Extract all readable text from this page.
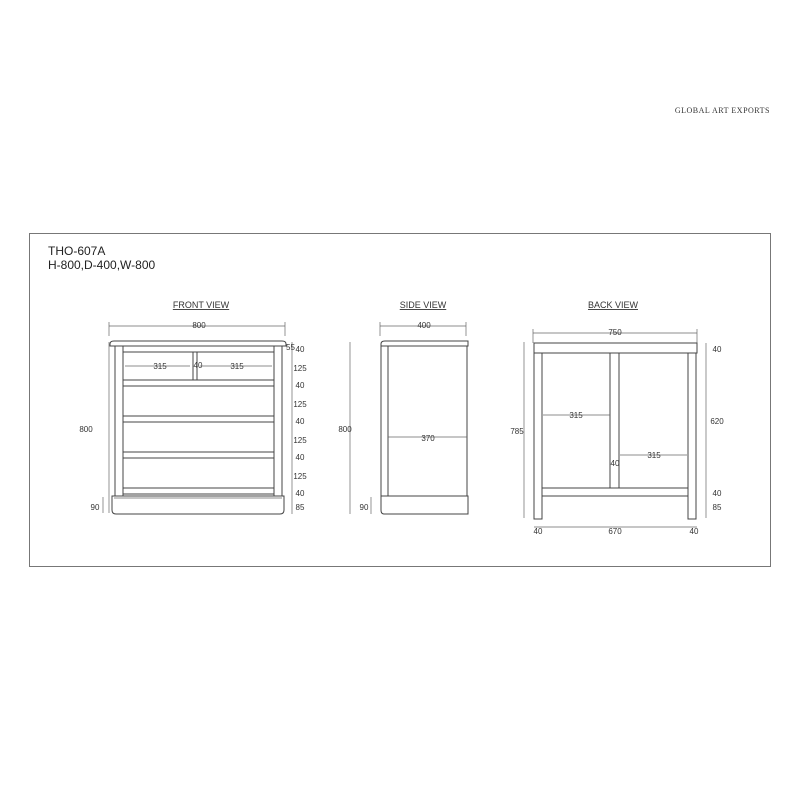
GLOBAL ART EXPORTS
THO-607A
H-800,D-400,W-800
FRONT VIEW
800
800
90
315	40	315
55 40
125
40
125
40
125
40
125
40
85
SIDE VIEW
400
800
90
370
BACK VIEW
750
785
315
40
315
40
620
40
85
40	670	40
